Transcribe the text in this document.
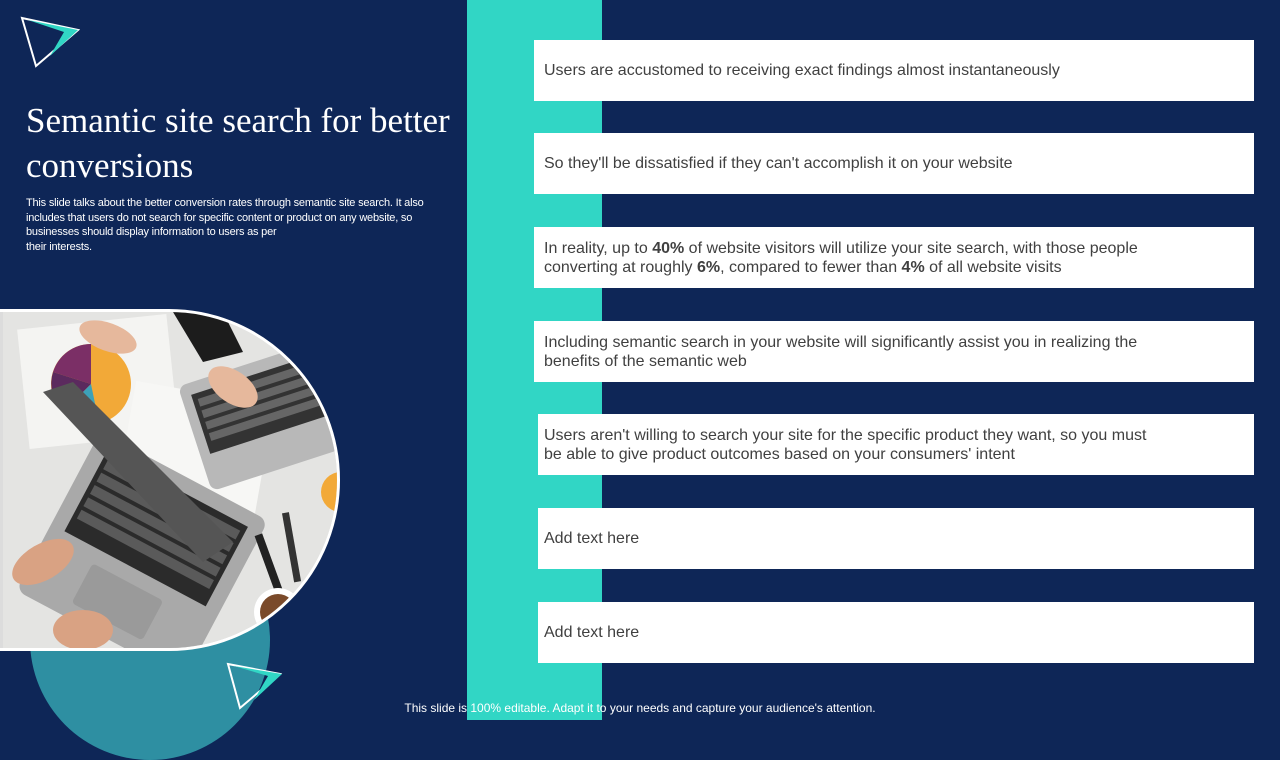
Semantic site search for better
conversions
This slide talks about the better conversion rates through semantic site search. It also
includes that users do not search for specific content or product on any website, so
businesses should display information to users as per
their interests.
Users are accustomed to receiving exact findings almost instantaneously
So they'll be dissatisfied if they can't accomplish it on your website
In reality, up to 40% of website visitors will utilize your site search, with those people
converting at roughly 6%, compared to fewer than 4% of all website visits
Including semantic search in your website will significantly assist you in realizing the
benefits of the semantic web
Users aren't willing to search your site for the specific product they want, so you must
be able to give product outcomes based on your consumers' intent
Add text here
Add text here
This slide is 100% editable. Adapt it to your needs and capture your audience's attention.
